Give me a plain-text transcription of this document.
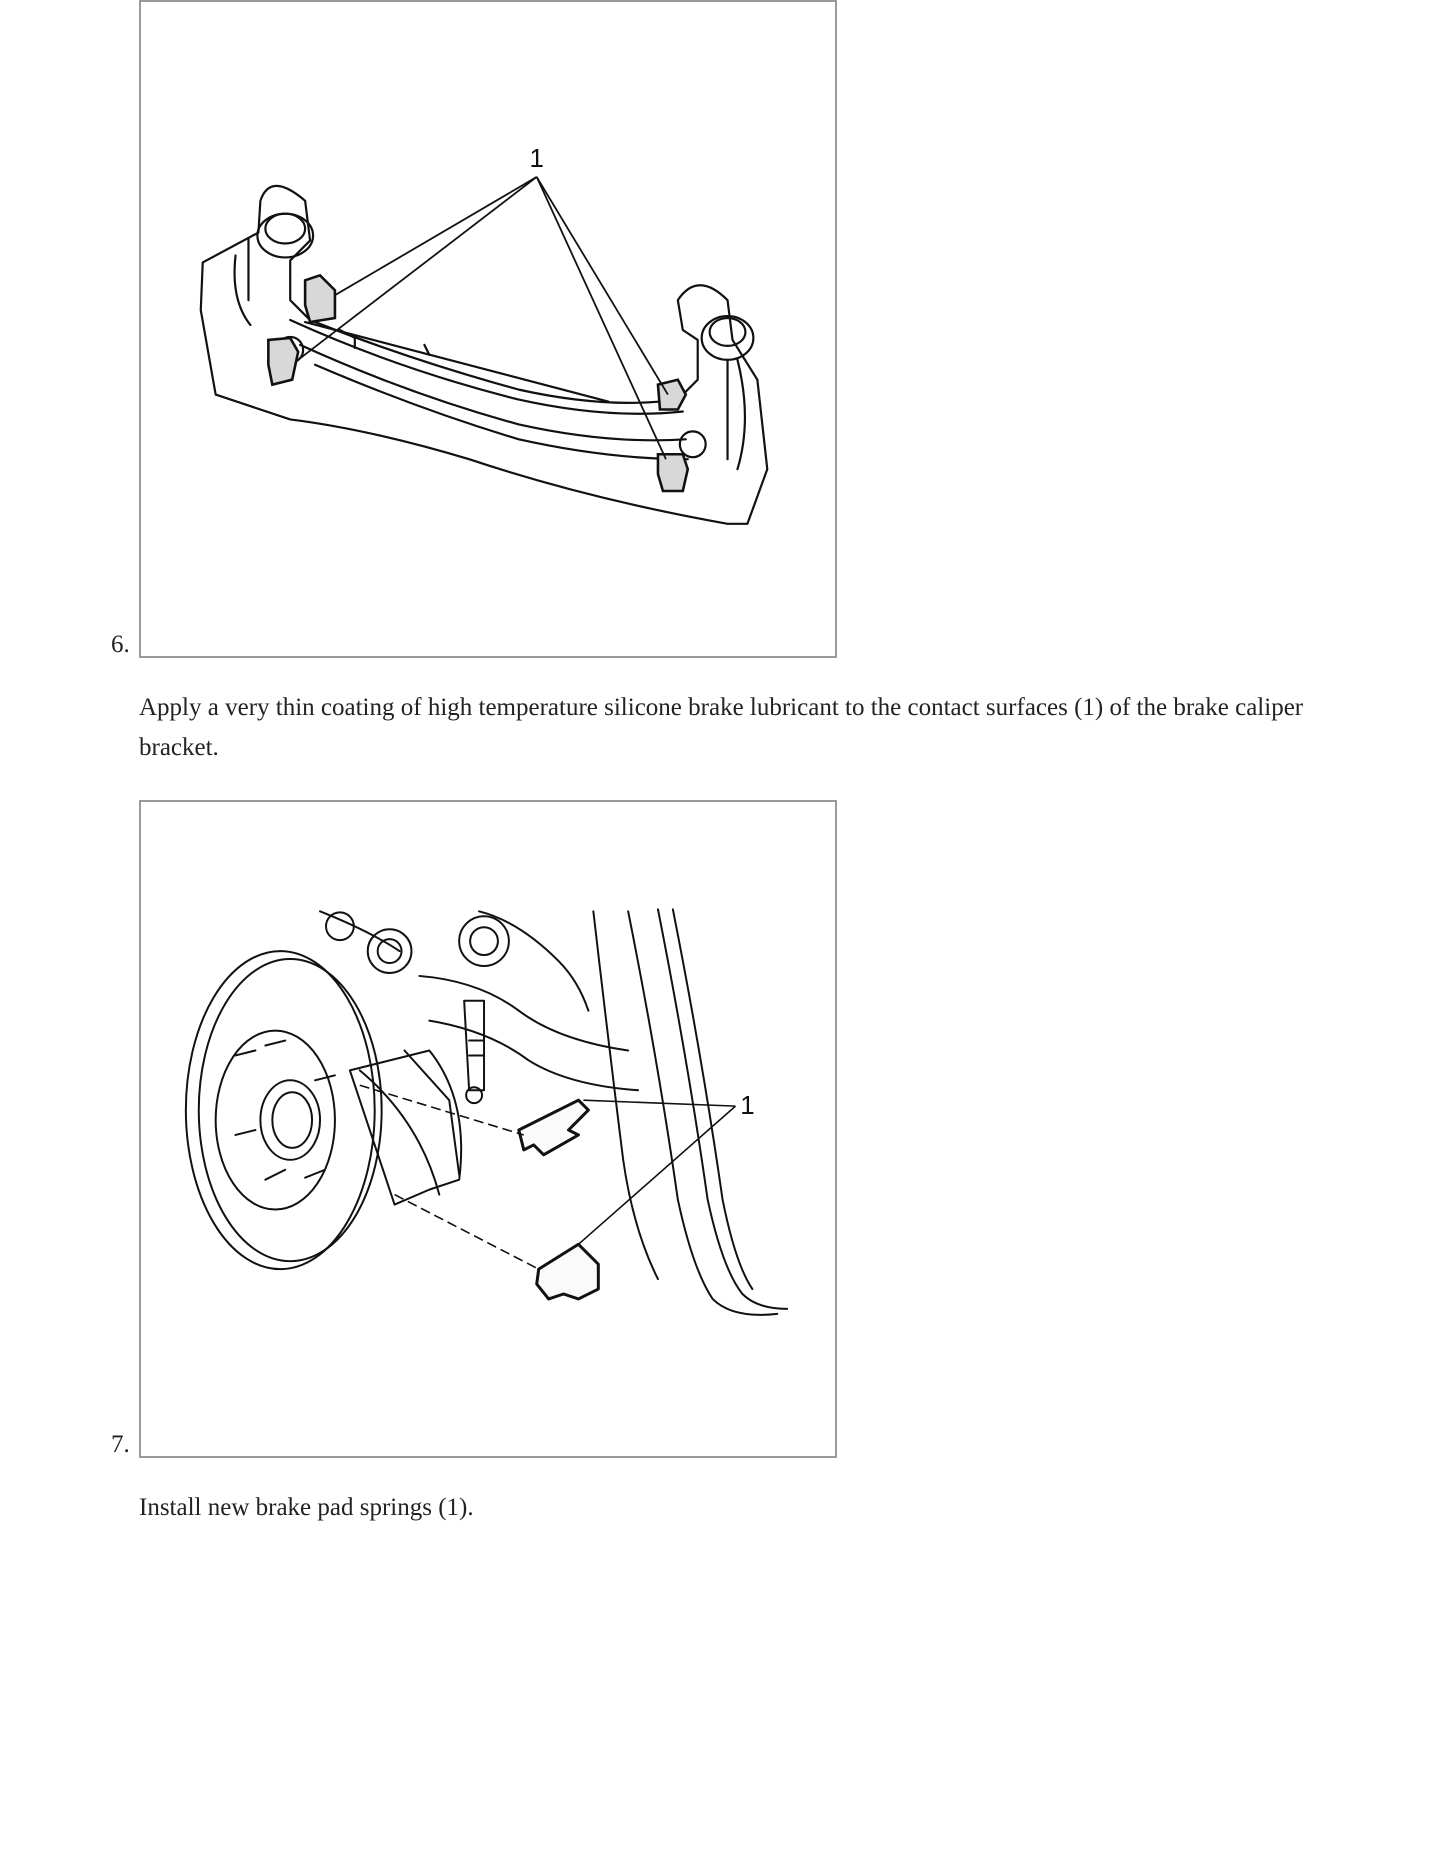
1
6.

Apply a very thin coating of high temperature silicone brake lubricant to the contact surfaces (1) of the brake caliper bracket.

1
7.

Install new brake pad springs (1).
